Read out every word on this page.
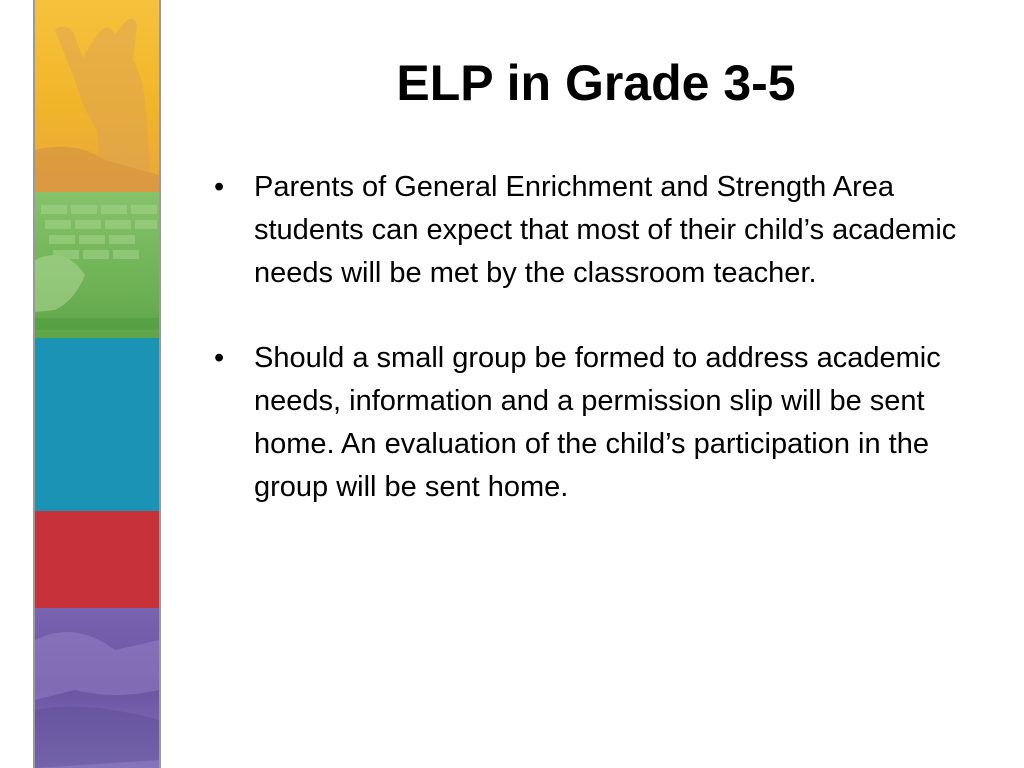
ELP in Grade 3-5
• Parents of General Enrichment and Strength Area students can expect that most of their child’s academic needs will be met by the classroom teacher.
• Should a small group be formed to address academic needs, information and a permission slip will be sent home. An evaluation of the child’s participation in the group will be sent home.
